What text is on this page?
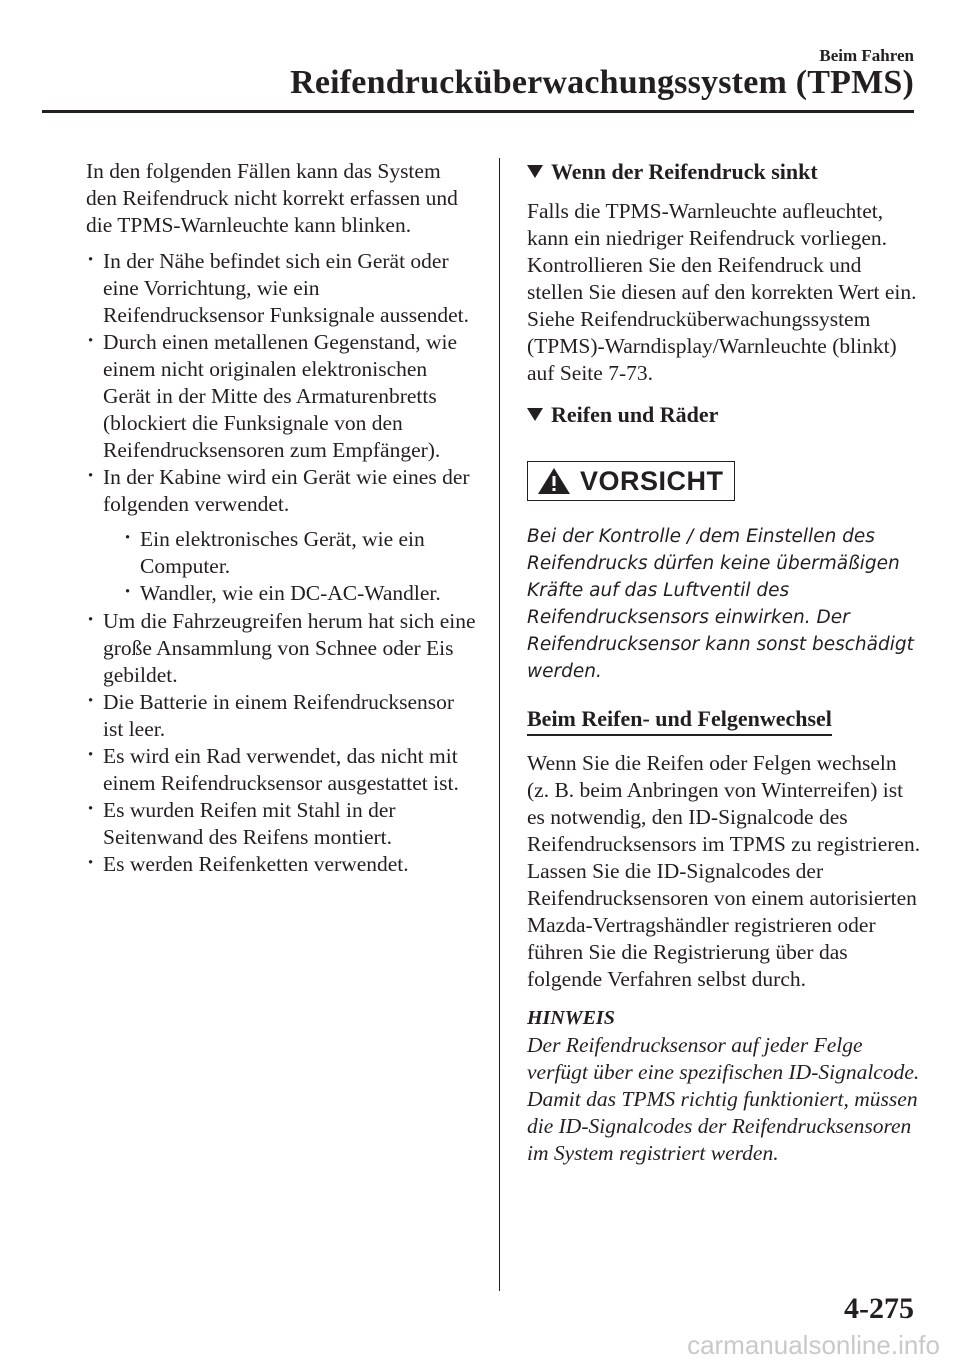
Beim Fahren
Reifendrucküberwachungssystem (TPMS)

In den folgenden Fällen kann das System den Reifendruck nicht korrekt erfassen und die TPMS-Warnleuchte kann blinken.

· In der Nähe befindet sich ein Gerät oder eine Vorrichtung, wie ein Reifendrucksensor Funksignale aussendet.
· Durch einen metallenen Gegenstand, wie einem nicht originalen elektronischen Gerät in der Mitte des Armaturenbretts (blockiert die Funksignale von den Reifendrucksensoren zum Empfänger).
· In der Kabine wird ein Gerät wie eines der folgenden verwendet.
· Ein elektronisches Gerät, wie ein Computer.
· Wandler, wie ein DC-AC-Wandler.
· Um die Fahrzeugreifen herum hat sich eine große Ansammlung von Schnee oder Eis gebildet.
· Die Batterie in einem Reifendrucksensor ist leer.
· Es wird ein Rad verwendet, das nicht mit einem Reifendrucksensor ausgestattet ist.
· Es wurden Reifen mit Stahl in der Seitenwand des Reifens montiert.
· Es werden Reifenketten verwendet.
Wenn der Reifendruck sinkt

Falls die TPMS-Warnleuchte aufleuchtet, kann ein niedriger Reifendruck vorliegen. Kontrollieren Sie den Reifendruck und stellen Sie diesen auf den korrekten Wert ein.

Siehe Reifendrucküberwachungssystem (TPMS)-Warndisplay/Warnleuchte (blinkt) auf Seite 7-73.

Reifen und Räder
VORSICHT

Bei der Kontrolle / dem Einstellen des Reifendrucks dürfen keine übermäßigen Kräfte auf das Luftventil des Reifendrucksensors einwirken. Der Reifendrucksensor kann sonst beschädigt werden.

Beim Reifen- und Felgenwechsel

Wenn Sie die Reifen oder Felgen wechseln (z. B. beim Anbringen von Winterreifen) ist es notwendig, den ID-Signalcode des Reifendrucksensors im TPMS zu registrieren.

Lassen Sie die ID-Signalcodes der Reifendrucksensoren von einem autorisierten Mazda-Vertragshändler registrieren oder führen Sie die Registrierung über das folgende Verfahren selbst durch.

HINWEIS

Der Reifendrucksensor auf jeder Felge verfügt über eine spezifischen ID-Signalcode. Damit das TPMS richtig funktioniert, müssen die ID-Signalcodes der Reifendrucksensoren im System registriert werden.

4-275
carmanualsonline.info
